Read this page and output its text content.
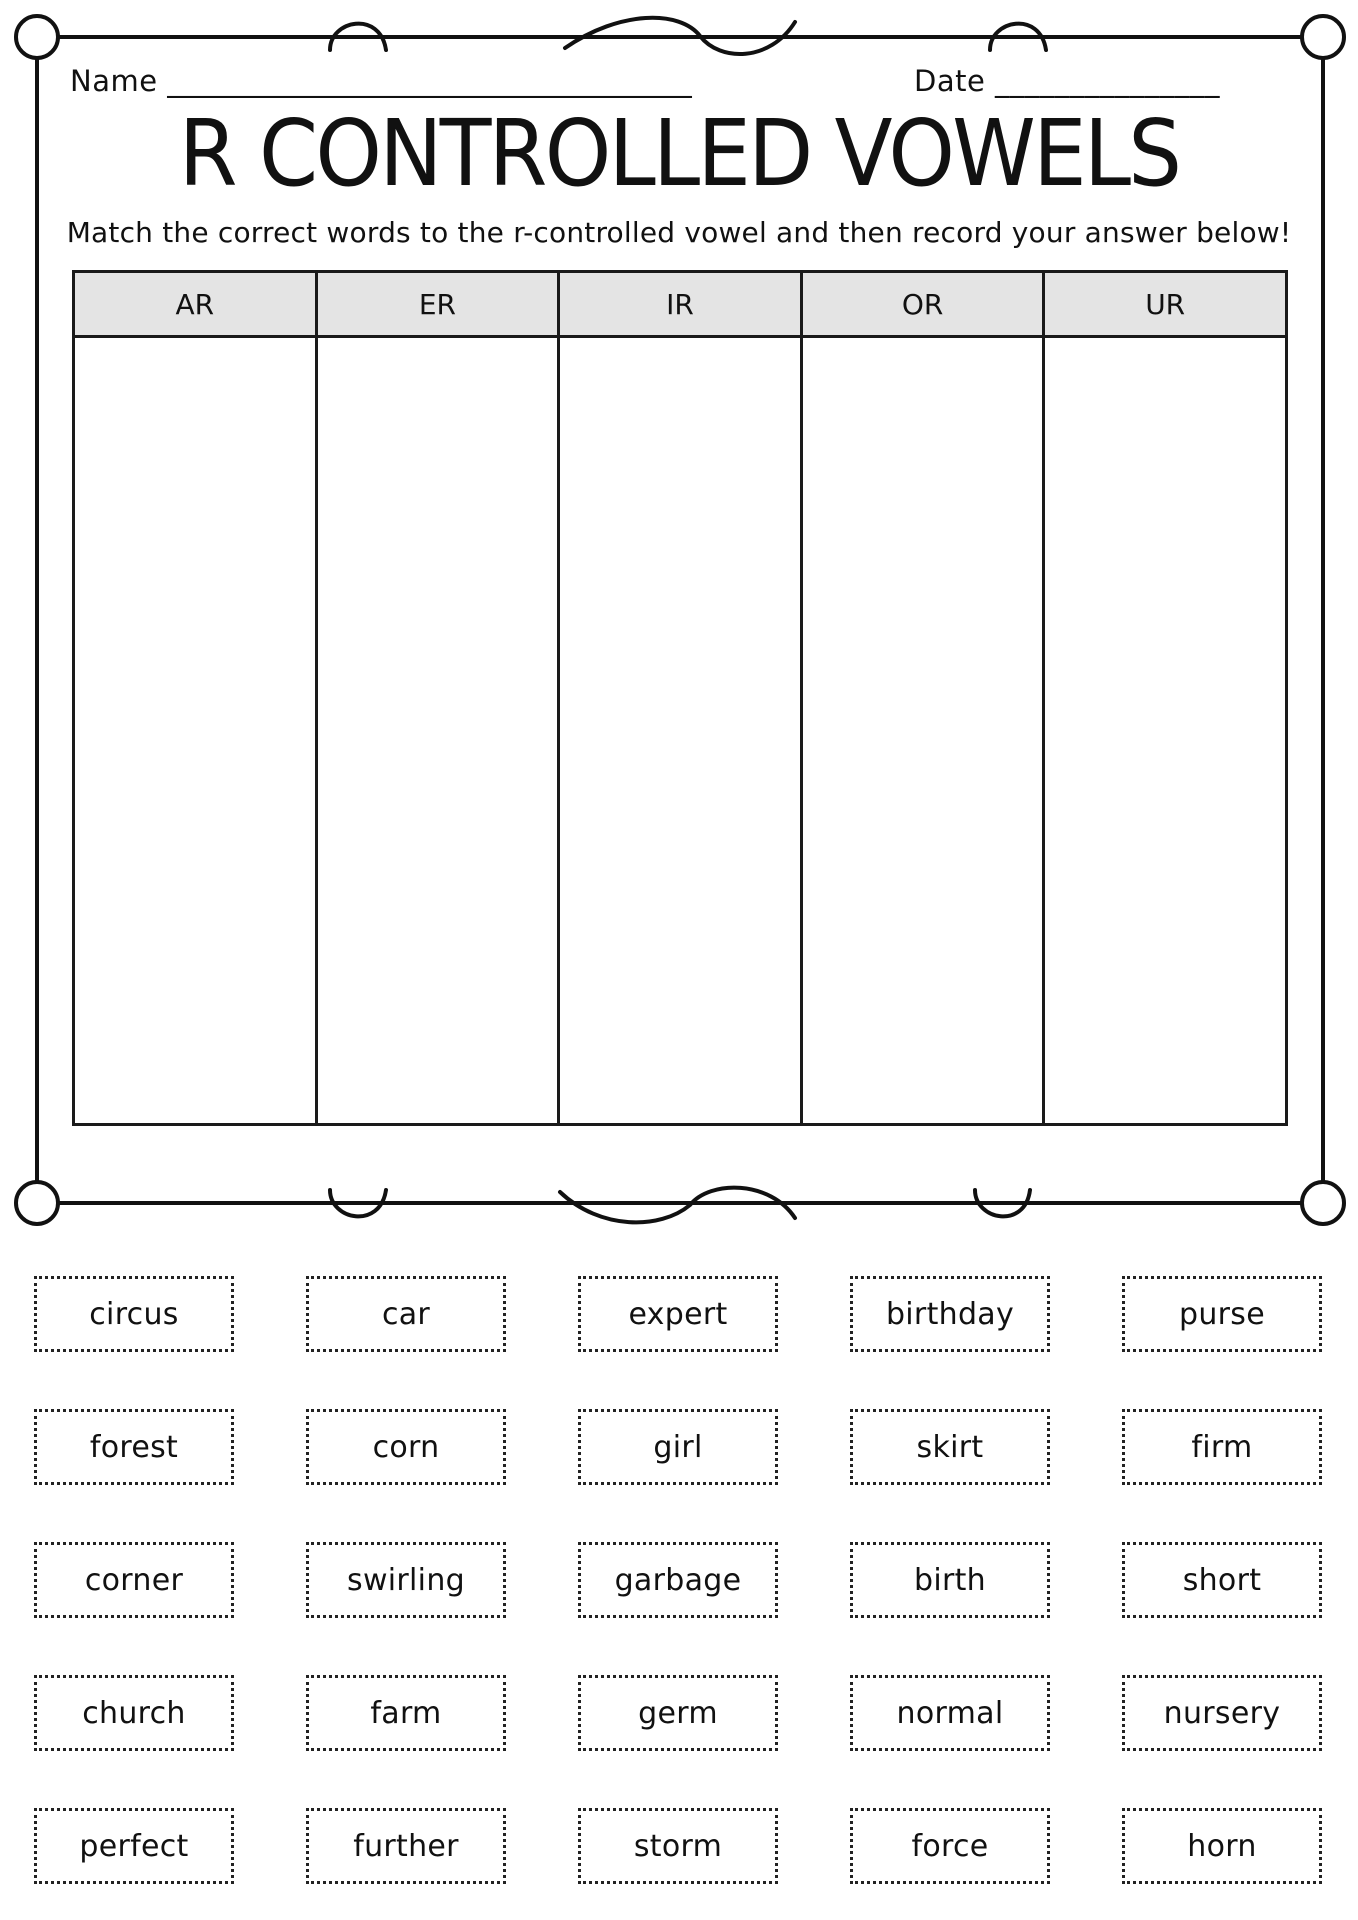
Name ___________________________________	Date _______________
R CONTROLLED VOWELS
Match the correct words to the r-controlled vowel and then record your answer below!
AR	ER	IR	OR	UR
circus	car	expert	birthday	purse
forest	corn	girl	skirt	firm
corner	swirling	garbage	birth	short
church	farm	germ	normal	nursery
perfect	further	storm	force	horn
